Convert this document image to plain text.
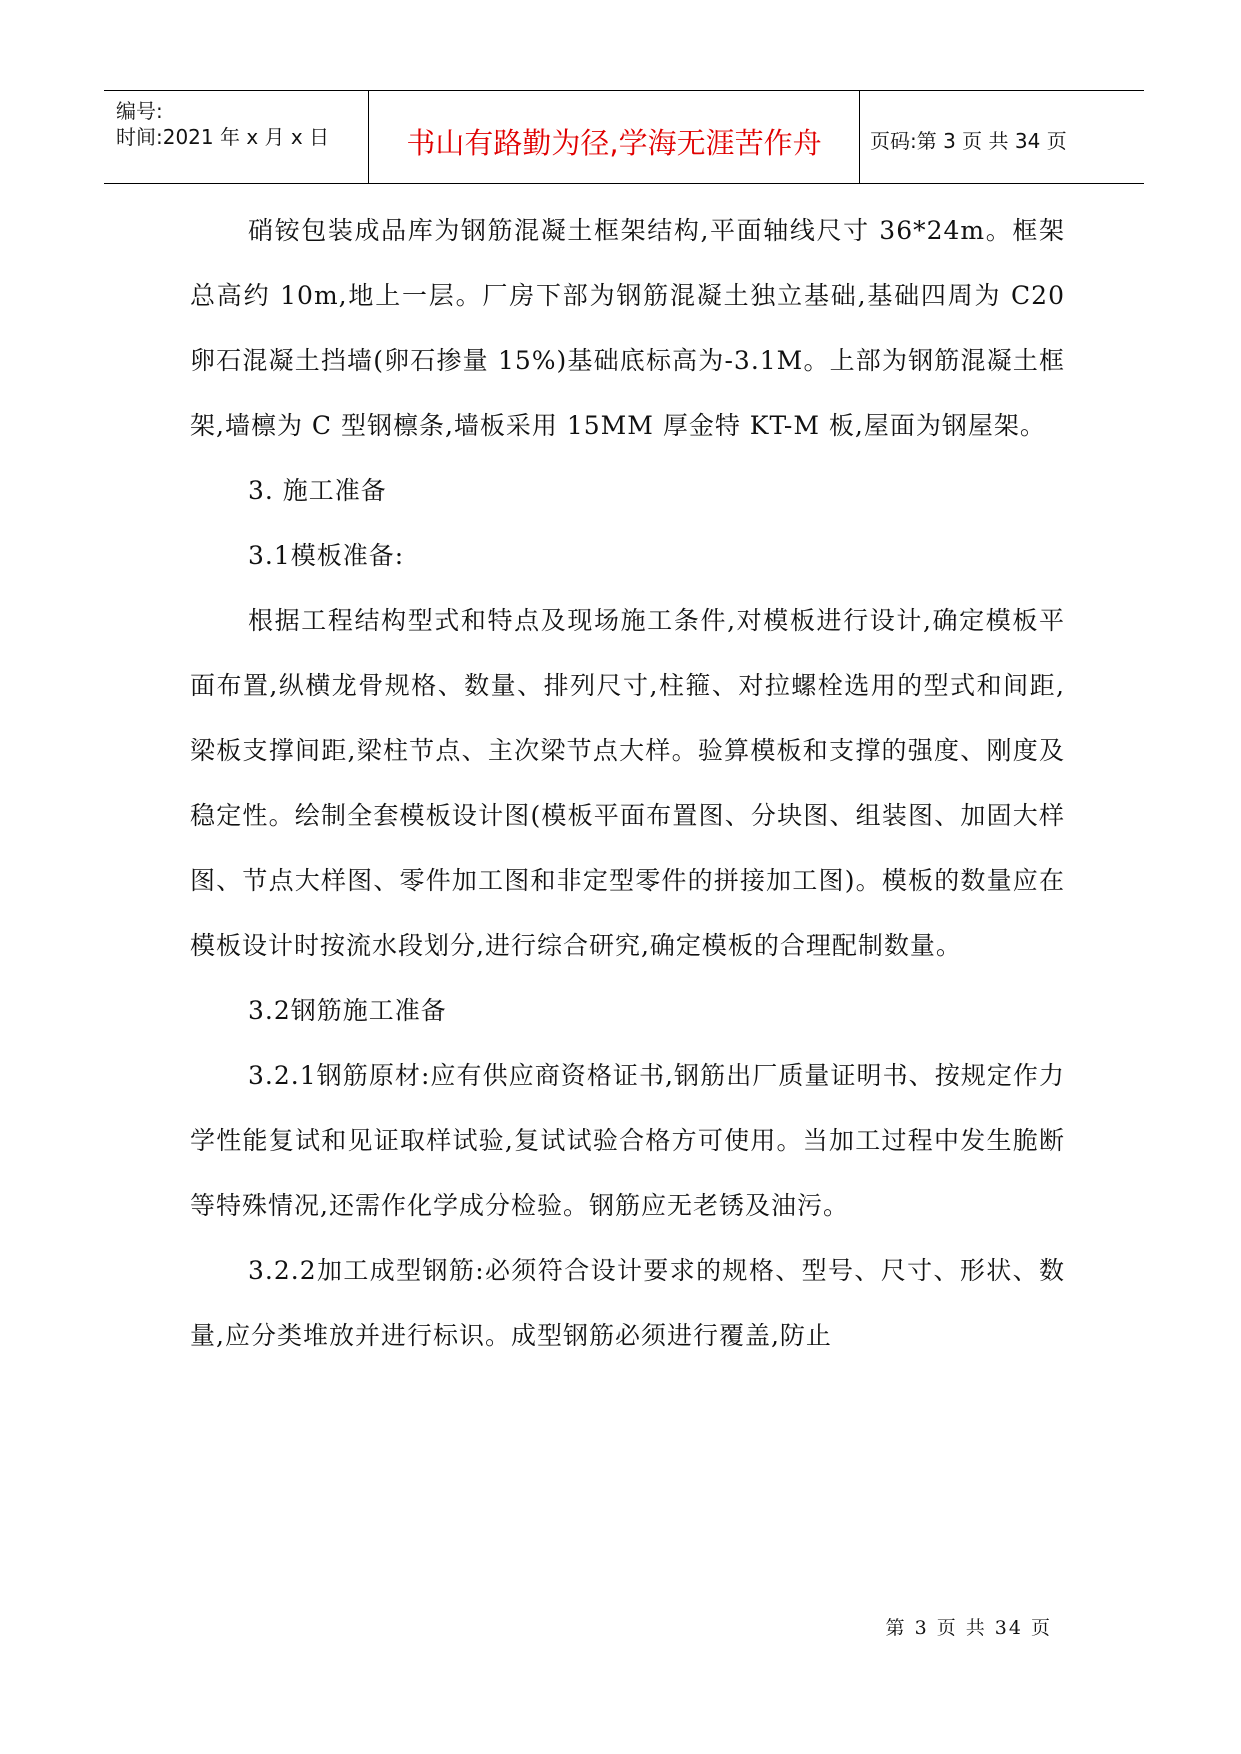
编号:
时间:2021 年 x 月 x 日	书山有路勤为径,学海无涯苦作舟	页码:第 3 页 共 34 页

硝铵包装成品库为钢筋混凝土框架结构,平面轴线尺寸 36*24m。框架总高约 10m,地上一层。厂房下部为钢筋混凝土独立基础,基础四周为 C20 卵石混凝土挡墙(卵石掺量 15%)基础底标高为-3.1M。上部为钢筋混凝土框架,墙檩为 C 型钢檩条,墙板采用 15MM 厚金特 KT-M 板,屋面为钢屋架。

3. 施工准备

3.1模板准备:

根据工程结构型式和特点及现场施工条件,对模板进行设计,确定模板平面布置,纵横龙骨规格、数量、排列尺寸,柱箍、对拉螺栓选用的型式和间距,梁板支撑间距,梁柱节点、主次梁节点大样。验算模板和支撑的强度、刚度及稳定性。绘制全套模板设计图(模板平面布置图、分块图、组装图、加固大样图、节点大样图、零件加工图和非定型零件的拼接加工图)。模板的数量应在模板设计时按流水段划分,进行综合研究,确定模板的合理配制数量。

3.2钢筋施工准备

3.2.1钢筋原材:应有供应商资格证书,钢筋出厂质量证明书、按规定作力学性能复试和见证取样试验,复试试验合格方可使用。当加工过程中发生脆断等特殊情况,还需作化学成分检验。钢筋应无老锈及油污。

3.2.2加工成型钢筋:必须符合设计要求的规格、型号、尺寸、形状、数量,应分类堆放并进行标识。成型钢筋必须进行覆盖,防止

第 3 页 共 34 页
